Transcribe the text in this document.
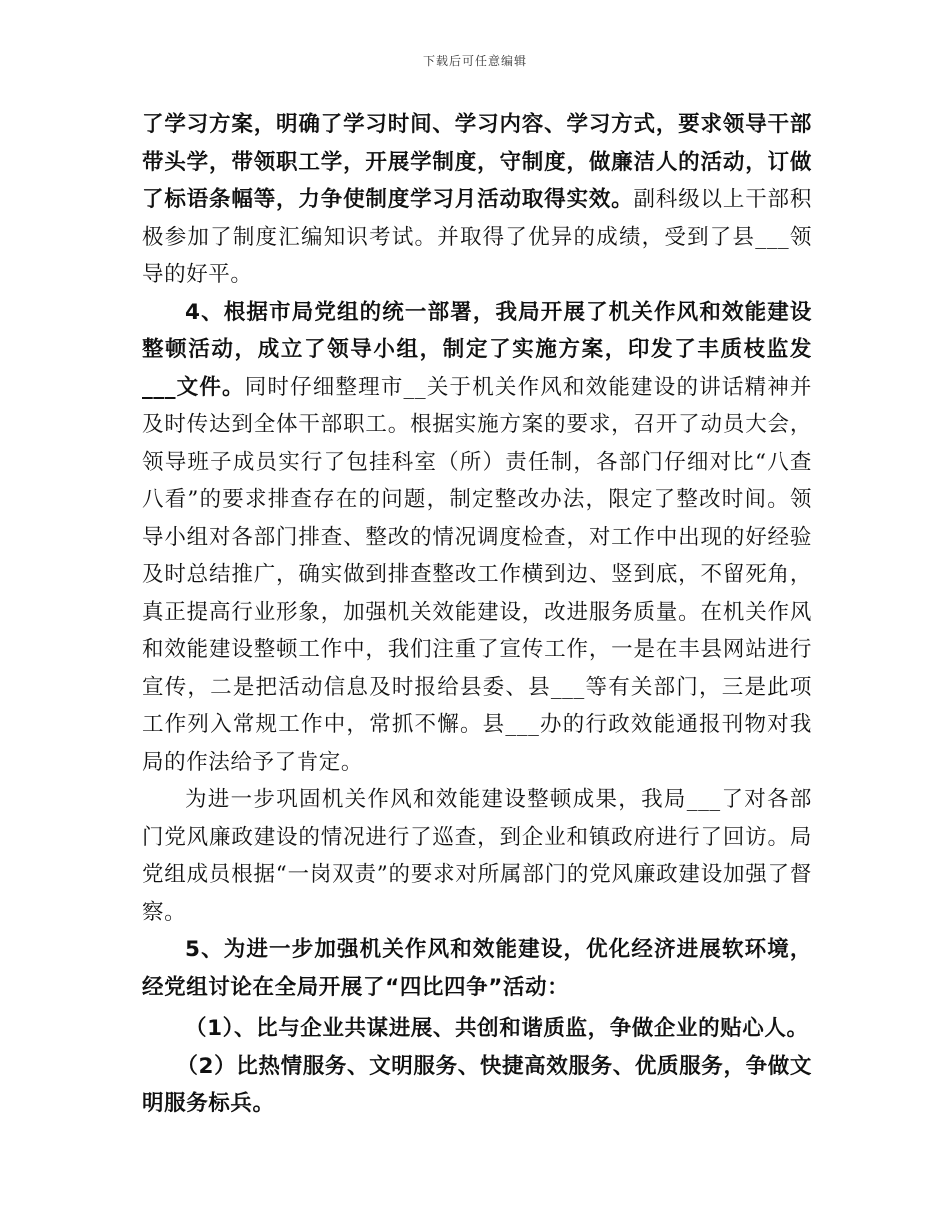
下载后可任意编辑

了学习方案，明确了学习时间、学习内容、学习方式，要求领导干部带头学，带领职工学，开展学制度，守制度，做廉洁人的活动，订做了标语条幅等，力争使制度学习月活动取得实效。副科级以上干部积极参加了制度汇编知识考试。并取得了优异的成绩，受到了县___领导的好平。

4、根据市局党组的统一部署，我局开展了机关作风和效能建设整顿活动，成立了领导小组，制定了实施方案，印发了丰质枝监发___文件。同时仔细整理市__关于机关作风和效能建设的讲话精神并及时传达到全体干部职工。根据实施方案的要求，召开了动员大会，领导班子成员实行了包挂科室（所）责任制，各部门仔细对比“八查八看”的要求排查存在的问题，制定整改办法，限定了整改时间。领导小组对各部门排查、整改的情况调度检查，对工作中出现的好经验及时总结推广，确实做到排查整改工作横到边、竖到底，不留死角，真正提高行业形象，加强机关效能建设，改进服务质量。在机关作风和效能建设整顿工作中，我们注重了宣传工作，一是在丰县网站进行宣传，二是把活动信息及时报给县委、县___等有关部门，三是此项工作列入常规工作中，常抓不懈。县___办的行政效能通报刊物对我局的作法给予了肯定。

为进一步巩固机关作风和效能建设整顿成果，我局___了对各部门党风廉政建设的情况进行了巡查，到企业和镇政府进行了回访。局党组成员根据“一岗双责”的要求对所属部门的党风廉政建设加强了督察。

5、为进一步加强机关作风和效能建设，优化经济进展软环境，经党组讨论在全局开展了“四比四争”活动：

（1）、比与企业共谋进展、共创和谐质监，争做企业的贴心人。

（2）比热情服务、文明服务、快捷高效服务、优质服务，争做文明服务标兵。
